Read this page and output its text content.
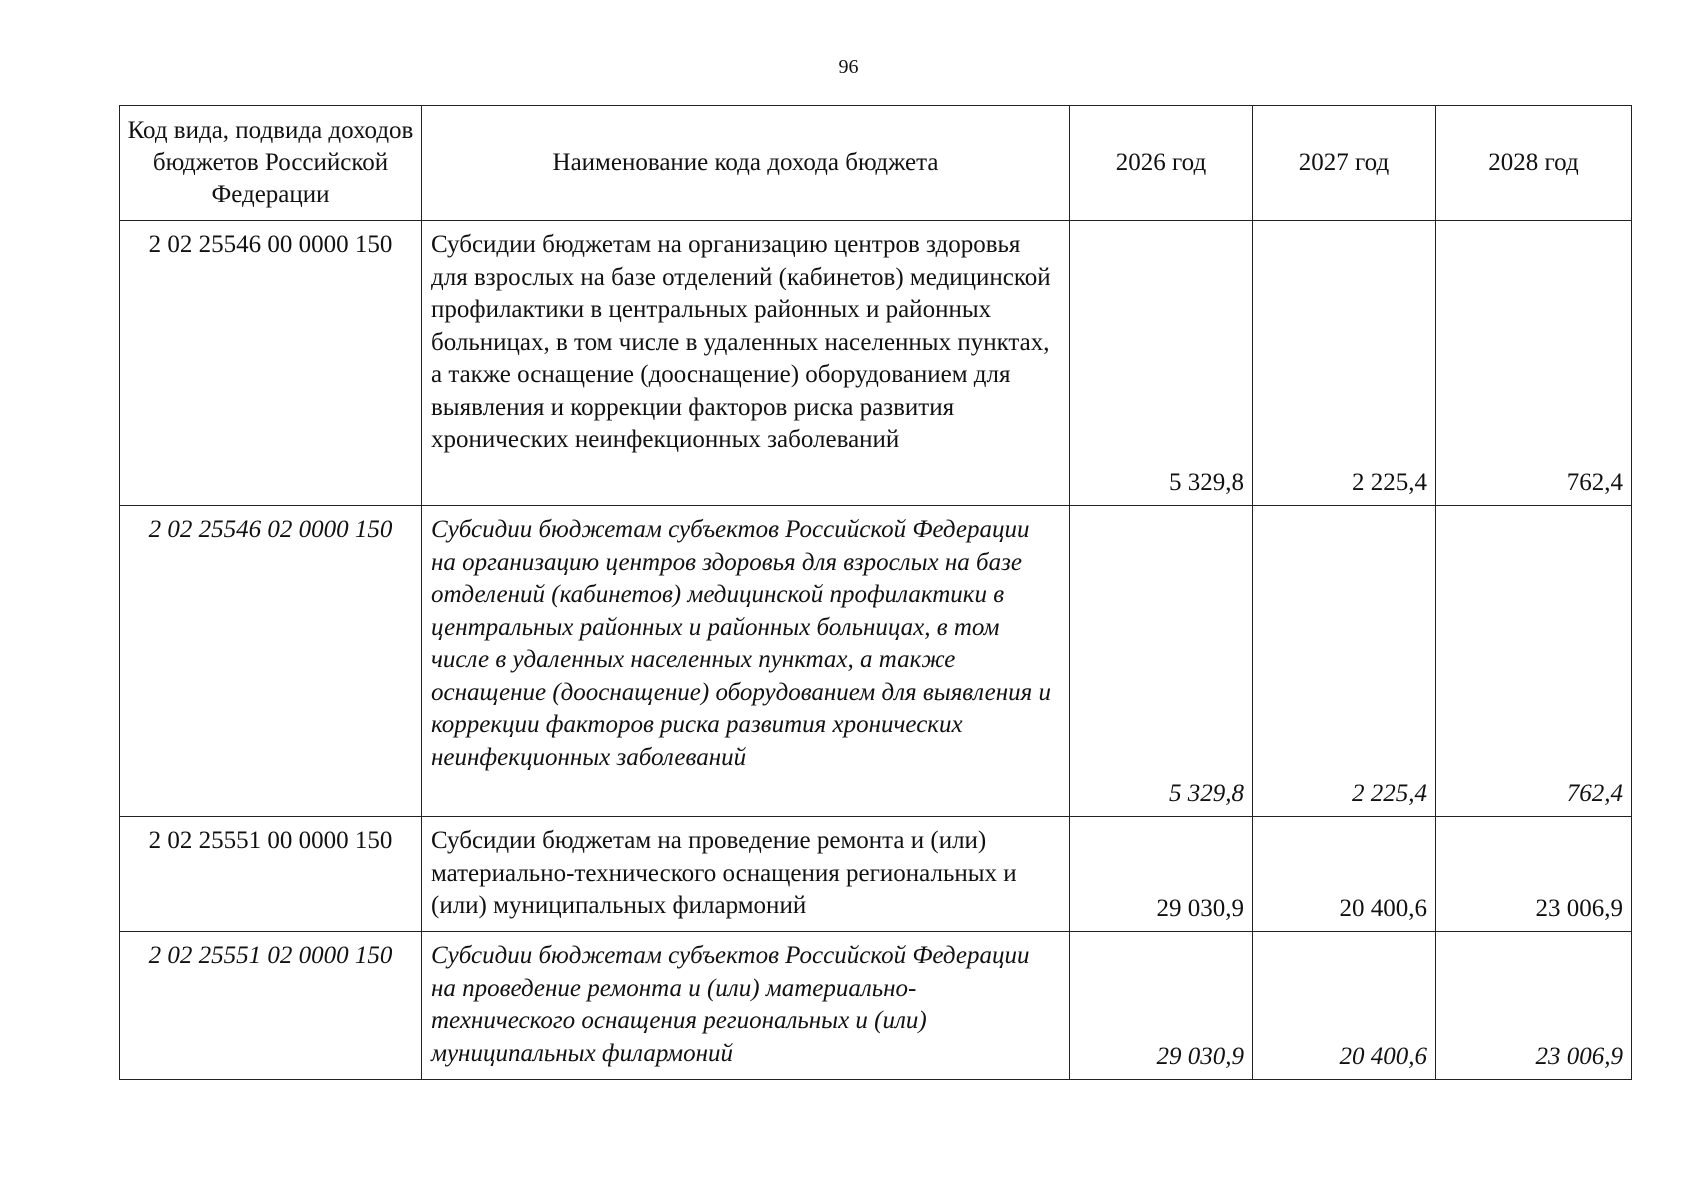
96
Код вида, подвида доходов бюджетов Российской Федерации	Наименование кода дохода бюджета	2026 год	2027 год	2028 год
2 02 25546 00 0000 150	Субсидии бюджетам на организацию центров здоровья для взрослых на базе отделений (кабинетов) медицинской профилактики в центральных районных и районных больницах, в том числе в удаленных населенных пунктах, а также оснащение (дооснащение) оборудованием для выявления и коррекции факторов риска развития хронических неинфекционных заболеваний	5 329,8	2 225,4	762,4
2 02 25546 02 0000 150	Субсидии бюджетам субъектов Российской Федерации на организацию центров здоровья для взрослых на базе отделений (кабинетов) медицинской профилактики в центральных районных и районных больницах, в том числе в удаленных населенных пунктах, а также оснащение (дооснащение) оборудованием для выявления и коррекции факторов риска развития хронических неинфекционных заболеваний	5 329,8	2 225,4	762,4
2 02 25551 00 0000 150	Субсидии бюджетам на проведение ремонта и (или) материально-технического оснащения региональных и (или) муниципальных филармоний	29 030,9	20 400,6	23 006,9
2 02 25551 02 0000 150	Субсидии бюджетам субъектов Российской Федерации на проведение ремонта и (или) материально-технического оснащения региональных и (или) муниципальных филармоний	29 030,9	20 400,6	23 006,9
